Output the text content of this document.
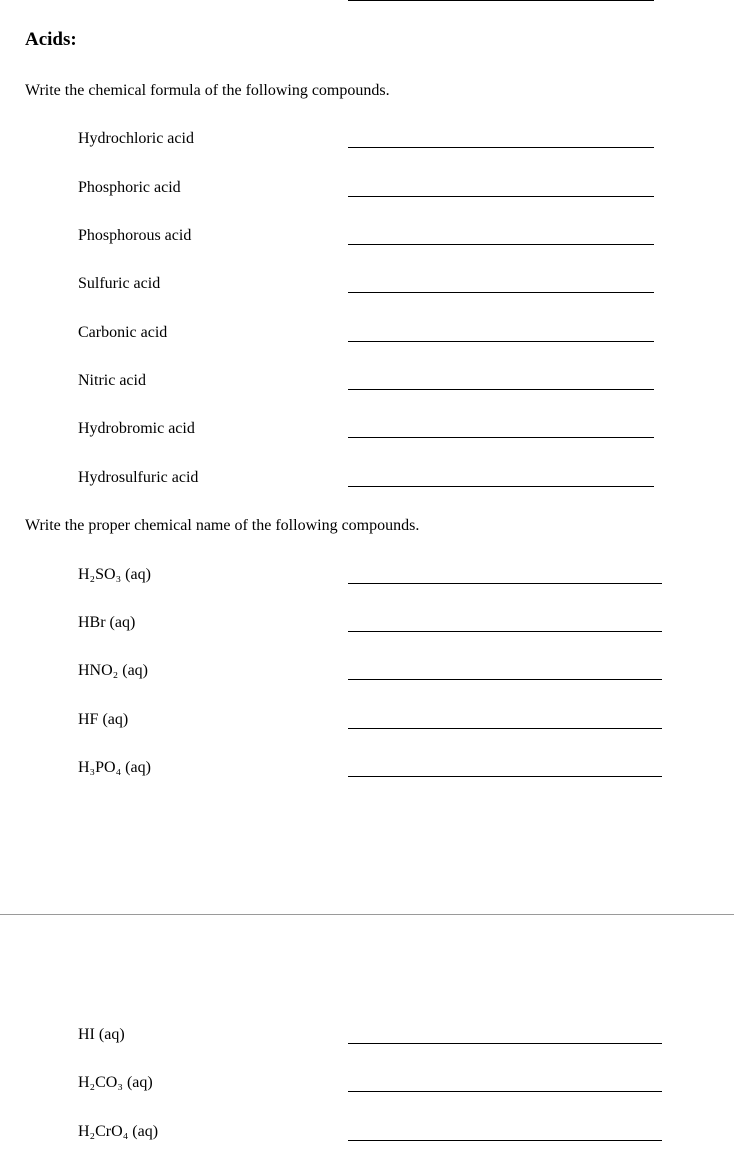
Acids:
Write the chemical formula of the following compounds.
Hydrochloric acid
Phosphoric acid
Phosphorous acid
Sulfuric acid
Carbonic acid
Nitric acid
Hydrobromic acid
Hydrosulfuric acid
Write the proper chemical name of the following compounds.
H₂SO₃ (aq)
HBr (aq)
HNO₂ (aq)
HF (aq)
H₃PO₄ (aq)
HI (aq)
H₂CO₃ (aq)
H₂CrO₄ (aq)
